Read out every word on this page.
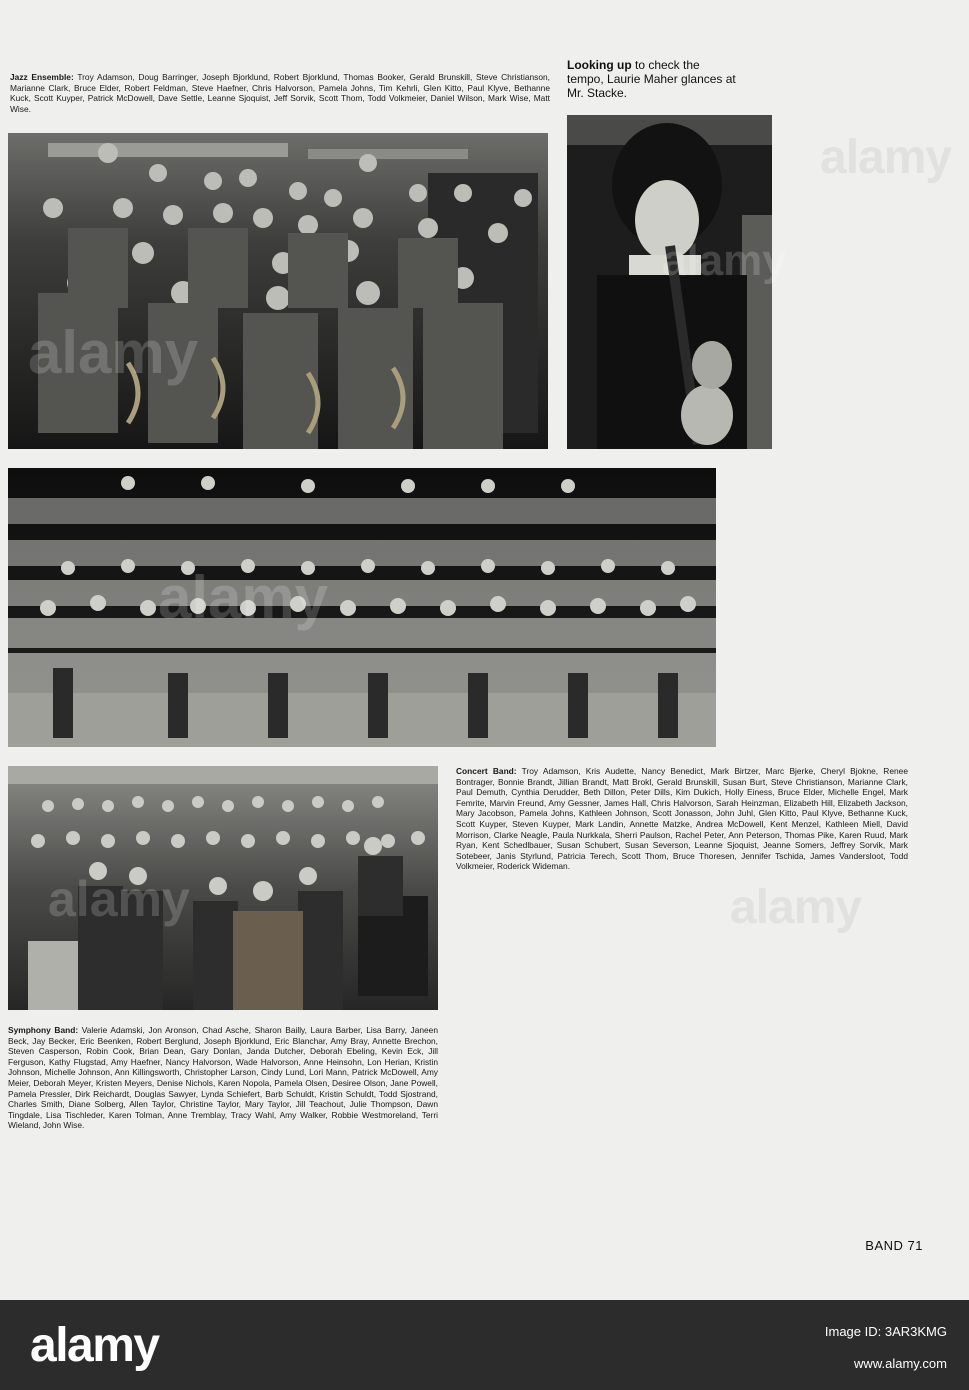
Jazz Ensemble: Troy Adamson, Doug Barringer, Joseph Bjorklund, Robert Bjorklund, Thomas Booker, Gerald Brunskill, Steve Christianson, Marianne Clark, Bruce Elder, Robert Feldman, Steve Haefner, Chris Halvorson, Pamela Johns, Tim Kehrli, Glen Kitto, Paul Klyve, Bethanne Kuck, Scott Kuyper, Patrick McDowell, Dave Settle, Leanne Sjoquist, Jeff Sorvik, Scott Thom, Todd Volkmeier, Daniel Wilson, Mark Wise, Matt Wise.
Looking up to check the tempo, Laurie Maher glances at Mr. Stacke.
alamy
alamy
alamy
alamy
Concert Band: Troy Adamson, Kris Audette, Nancy Benedict, Mark Birtzer, Marc Bjerke, Cheryl Bjokne, Renee Bontrager, Bonnie Brandt, Jillian Brandt, Matt Brokl, Gerald Brunskill, Susan Burt, Steve Christianson, Marianne Clark, Paul Demuth, Cynthia Derudder, Beth Dillon, Peter Dills, Kim Dukich, Holly Einess, Bruce Elder, Michelle Engel, Mark Femrite, Marvin Freund, Amy Gessner, James Hall, Chris Halvorson, Sarah Heinzman, Elizabeth Hill, Elizabeth Jackson, Mary Jacobson, Pamela Johns, Kathleen Johnson, Scott Jonasson, John Juhl, Glen Kitto, Paul Klyve, Bethanne Kuck, Scott Kuyper, Steven Kuyper, Mark Landin, Annette Matzke, Andrea McDowell, Kent Menzel, Kathleen Miell, David Morrison, Clarke Neagle, Paula Nurkkala, Sherri Paulson, Rachel Peter, Ann Peterson, Thomas Pike, Karen Ruud, Mark Ryan, Kent Schedlbauer, Susan Schubert, Susan Severson, Leanne Sjoquist, Jeanne Somers, Jeffrey Sorvik, Mark Sotebeer, Janis Styrlund, Patricia Terech, Scott Thom, Bruce Thoresen, Jennifer Tschida, James Vandersloot, Todd Volkmeier, Roderick Wideman.
Symphony Band: Valerie Adamski, Jon Aronson, Chad Asche, Sharon Bailly, Laura Barber, Lisa Barry, Janeen Beck, Jay Becker, Eric Beenken, Robert Berglund, Joseph Bjorklund, Eric Blanchar, Amy Bray, Annette Brechon, Steven Casperson, Robin Cook, Brian Dean, Gary Donlan, Janda Dutcher, Deborah Ebeling, Kevin Eck, Jill Ferguson, Kathy Flugstad, Amy Haefner, Nancy Halvorson, Wade Halvorson, Anne Heinsohn, Lon Herian, Kristin Johnson, Michelle Johnson, Ann Killingsworth, Christopher Larson, Cindy Lund, Lori Mann, Patrick McDowell, Amy Meier, Deborah Meyer, Kristen Meyers, Denise Nichols, Karen Nopola, Pamela Olsen, Desiree Olson, Jane Powell, Pamela Pressler, Dirk Reichardt, Douglas Sawyer, Lynda Schiefert, Barb Schuldt, Kristin Schuldt, Todd Sjostrand, Charles Smith, Diane Solberg, Allen Taylor, Christine Taylor, Mary Taylor, Jill Teachout, Julie Thompson, Dawn Tingdale, Lisa Tischleder, Karen Tolman, Anne Tremblay, Tracy Wahl, Amy Walker, Robbie Westmoreland, Terri Wieland, John Wise.
alamy
alamy
BAND 71
alamy	Image ID: 3AR3KMG
www.alamy.com
